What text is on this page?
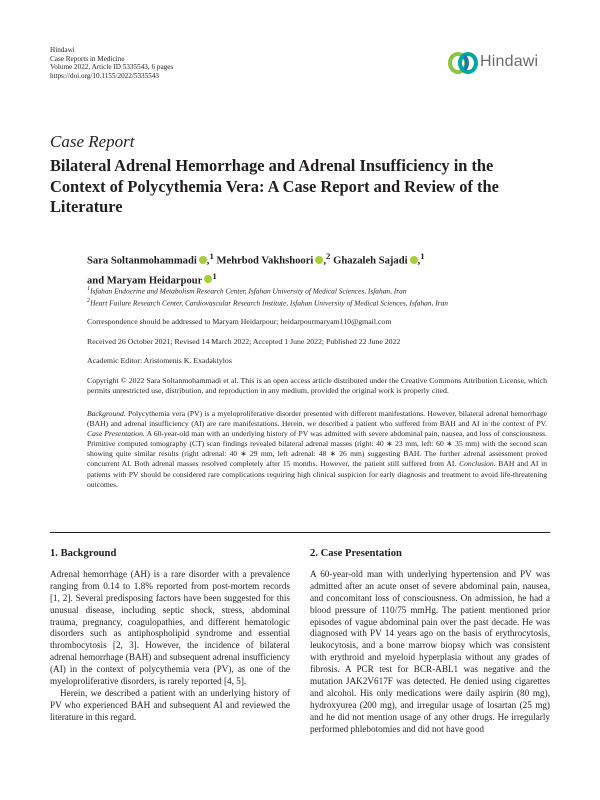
Hindawi
Case Reports in Medicine
Volume 2022, Article ID 5335543, 6 pages
https://doi.org/10.1155/2022/5335543
Hindawi
Case Report
Bilateral Adrenal Hemorrhage and Adrenal Insufficiency in the Context of Polycythemia Vera: A Case Report and Review of the Literature
Sara Soltanmohammadi ,$^1$ Mehrbod Vakhshoori ,$^2$ Ghazaleh Sajadi ,$^1$
and Maryam Heidarpour $^1$
$^1$Isfahan Endocrine and Metabolism Research Center, Isfahan University of Medical Sciences, Isfahan, Iran
$^2$Heart Failure Research Center, Cardiovascular Research Institute, Isfahan University of Medical Sciences, Isfahan, Iran
Correspondence should be addressed to Maryam Heidarpour; heidarpourmaryam110@gmail.com
Received 26 October 2021; Revised 14 March 2022; Accepted 1 June 2022; Published 22 June 2022
Academic Editor: Aristomenis K. Exadaktylos
Copyright © 2022 Sara Soltanmohammadi et al. This is an open access article distributed under the Creative Commons Attribution License, which permits unrestricted use, distribution, and reproduction in any medium, provided the original work is properly cited.
Background. Polycythemia vera (PV) is a myeloproliferative disorder presented with different manifestations. However, bilateral adrenal hemorrhage (BAH) and adrenal insufficiency (AI) are rare manifestations. Herein, we described a patient who suffered from BAH and AI in the context of PV. Case Presentation. A 60-year-old man with an underlying history of PV was admitted with severe abdominal pain, nausea, and loss of consciousness. Primitive computed tomography (CT) scan findings revealed bilateral adrenal masses (right: 40 ∗ 23 mm, left: 60 ∗ 35 mm) with the second scan showing quite similar results (right adrenal: 40 ∗ 29 mm, left adrenal: 48 ∗ 26 mm) suggesting BAH. The further adrenal assessment proved concurrent AI. Both adrenal masses resolved completely after 15 months. However, the patient still suffered from AI. Conclusion. BAH and AI in patients with PV should be considered rare complications requiring high clinical suspicion for early diagnosis and treatment to avoid life-threatening outcomes.
1. Background

Adrenal hemorrhage (AH) is a rare disorder with a prevalence ranging from 0.14 to 1.8% reported from post-mortem records [1, 2]. Several predisposing factors have been suggested for this unusual disease, including septic shock, stress, abdominal trauma, pregnancy, coagulopathies, and different hematologic disorders such as antiphospholipid syndrome and essential thrombocytosis [2, 3]. However, the incidence of bilateral adrenal hemorrhage (BAH) and subsequent adrenal insufficiency (AI) in the context of polycythemia vera (PV), as one of the myeloproliferative disorders, is rarely reported [4, 5].

Herein, we described a patient with an underlying history of PV who experienced BAH and subsequent AI and reviewed the literature in this regard.

2. Case Presentation

A 60-year-old man with underlying hypertension and PV was admitted after an acute onset of severe abdominal pain, nausea, and concomitant loss of consciousness. On admission, he had a blood pressure of 110/75 mmHg. The patient mentioned prior episodes of vague abdominal pain over the past decade. He was diagnosed with PV 14 years ago on the basis of erythrocytosis, leukocytosis, and a bone marrow biopsy which was consistent with erythroid and myeloid hyperplasia without any grades of fibrosis. A PCR test for BCR-ABL1 was negative and the mutation JAK2V617F was detected. He denied using cigarettes and alcohol. His only medications were daily aspirin (80 mg), hydroxyurea (200 mg), and irregular usage of losartan (25 mg) and he did not mention usage of any other drugs. He irregularly performed phlebotomies and did not have good
